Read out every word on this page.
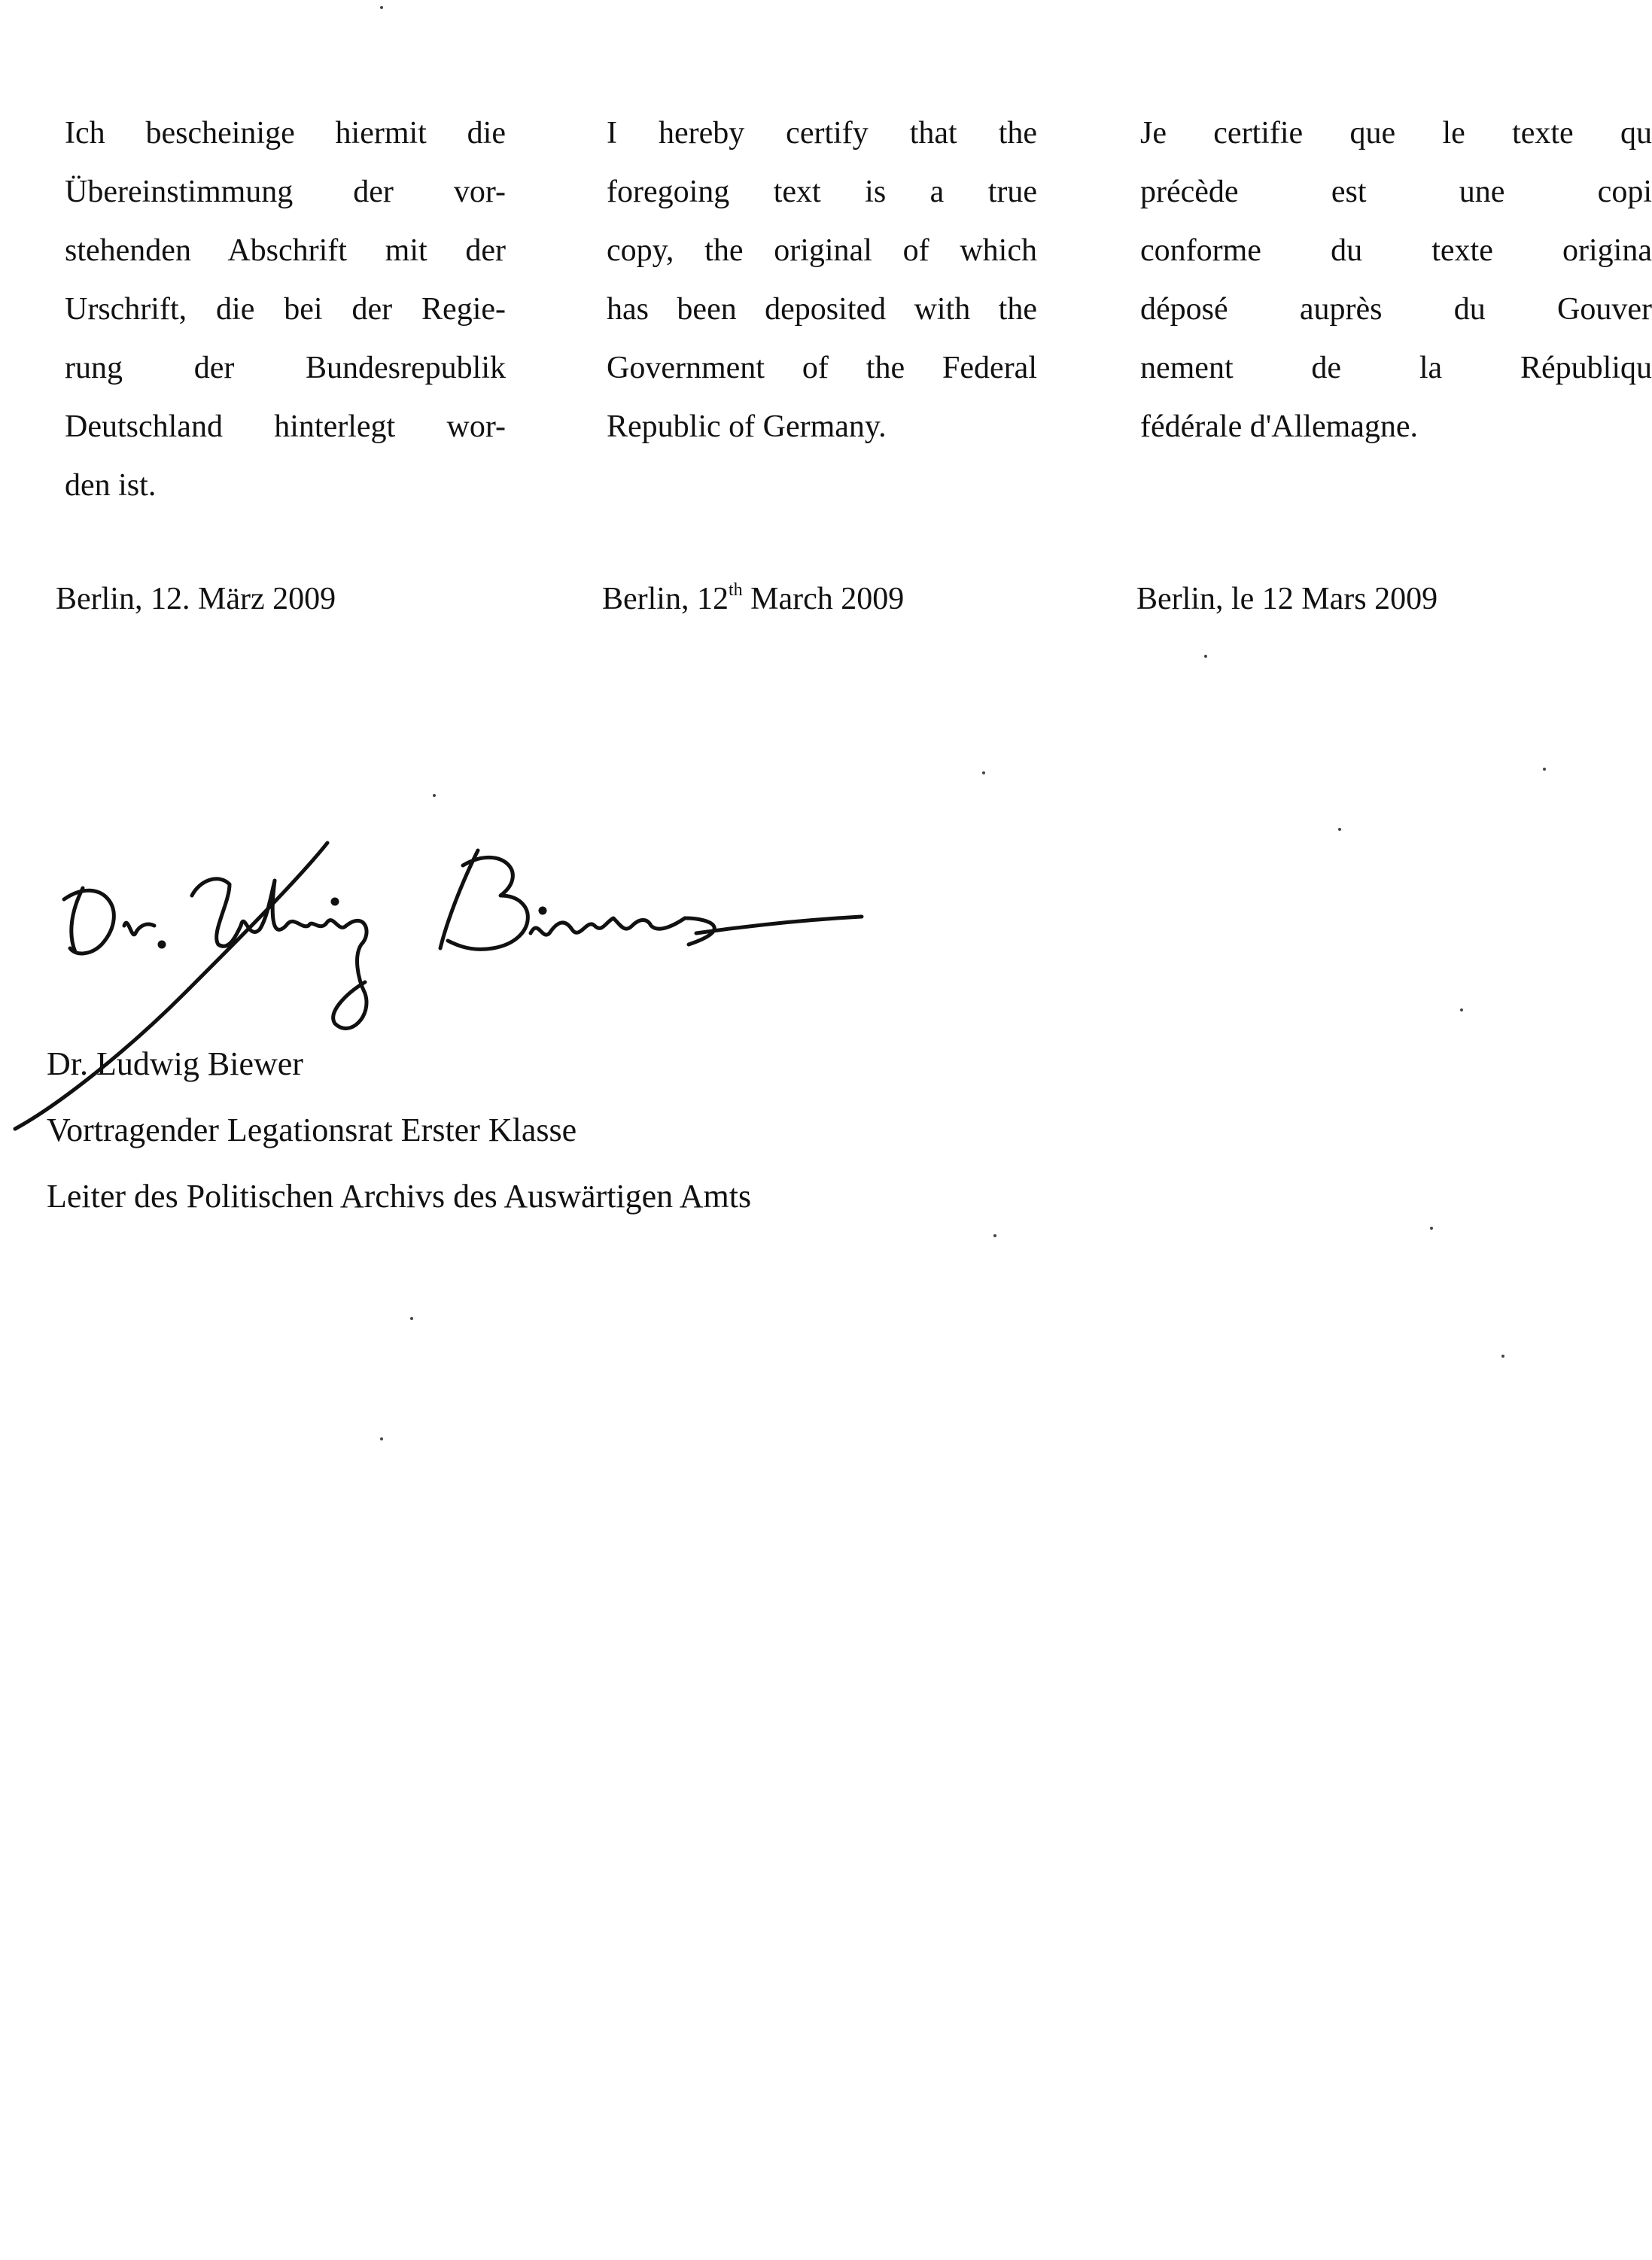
Ich bescheinige hiermit die
Übereinstimmung der vor-
stehenden Abschrift mit der
Urschrift, die bei der Regie-
rung der Bundesrepublik
Deutschland hinterlegt wor-
den ist.
I hereby certify that the
foregoing text is a true
copy, the original of which
has been deposited with the
Government of the Federal
Republic of Germany.
Je certifie que le texte qu
précède est une copi
conforme du texte origina
déposé auprès du Gouver
nement de la Républiqu
fédérale d'Allemagne.
Berlin, 12. März 2009	Berlin, 12th March 2009	Berlin, le 12 Mars 2009
Dr. Ludwig Biewer
Vortragender Legationsrat Erster Klasse
Leiter des Politischen Archivs des Auswärtigen Amts
